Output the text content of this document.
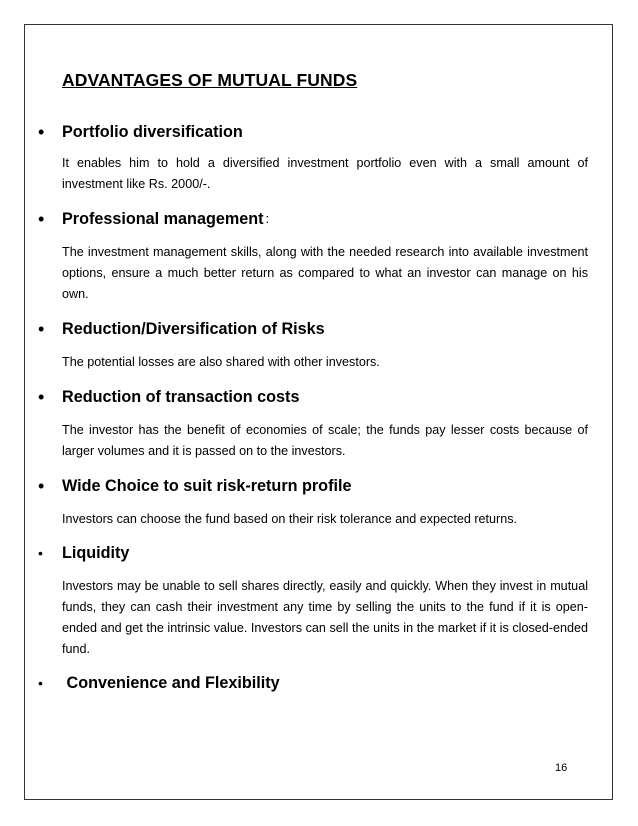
ADVANTAGES OF MUTUAL FUNDS
•	Portfolio diversification

It enables him to hold a diversified investment portfolio even with a small amount of investment like Rs. 2000/-.

•	Professional management :

The investment management skills, along with the needed research into available investment options, ensure a much better return as compared to what an investor can manage on his own.

•	Reduction/Diversification of Risks

The potential losses are also shared with other investors.

•	Reduction of transaction costs

The investor has the benefit of economies of scale; the funds pay lesser costs because of larger volumes and it is passed on to the investors.

•	Wide Choice to suit risk-return profile

Investors can choose the fund based on their risk tolerance and expected returns.

•	Liquidity

Investors may be unable to sell shares directly, easily and quickly. When they invest in mutual funds, they can cash their investment any time by selling the units to the fund if it is open-ended and get the intrinsic value. Investors can sell the units in the market if it is closed-ended fund.

•	Convenience and Flexibility
16
